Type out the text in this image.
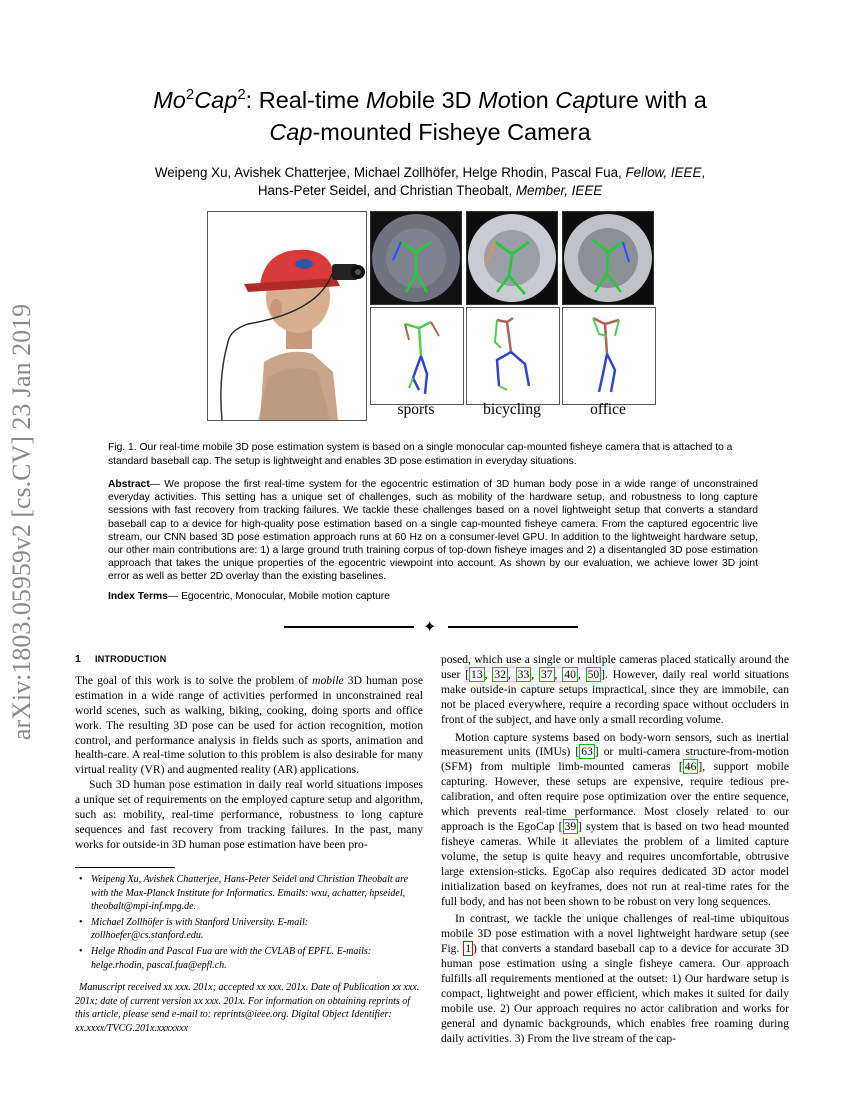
arXiv:1803.05959v2 [cs.CV] 23 Jan 2019
Mo$^2$Cap$^2$: Real-time Mobile 3D Motion Capture with a
Cap-mounted Fisheye Camera
Weipeng Xu, Avishek Chatterjee, Michael Zollhöfer, Helge Rhodin, Pascal Fua, Fellow, IEEE,
Hans-Peter Seidel, and Christian Theobalt, Member, IEEE
sports	bicycling	office
Fig. 1. Our real-time mobile 3D pose estimation system is based on a single monocular cap-mounted fisheye camera that is attached to a standard baseball cap. The setup is lightweight and enables 3D pose estimation in everyday situations.
Abstract— We propose the first real-time system for the egocentric estimation of 3D human body pose in a wide range of unconstrained everyday activities. This setting has a unique set of challenges, such as mobility of the hardware setup, and robustness to long capture sessions with fast recovery from tracking failures. We tackle these challenges based on a novel lightweight setup that converts a standard baseball cap to a device for high-quality pose estimation based on a single cap-mounted fisheye camera. From the captured egocentric live stream, our CNN based 3D pose estimation approach runs at 60 Hz on a consumer-level GPU. In addition to the lightweight hardware setup, our other main contributions are: 1) a large ground truth training corpus of top-down fisheye images and 2) a disentangled 3D pose estimation approach that takes the unique properties of the egocentric viewpoint into account. As shown by our evaluation, we achieve lower 3D joint error as well as better 2D overlay than the existing baselines.
Index Terms— Egocentric, Monocular, Mobile motion capture
✦
1 INTRODUCTION

The goal of this work is to solve the problem of mobile 3D human pose estimation in a wide range of activities performed in unconstrained real world scenes, such as walking, biking, cooking, doing sports and office work. The resulting 3D pose can be used for action recognition, motion control, and performance analysis in fields such as sports, animation and health-care. A real-time solution to this problem is also desirable for many virtual reality (VR) and augmented reality (AR) applications.

Such 3D human pose estimation in daily real world situations imposes a unique set of requirements on the employed capture setup and algorithm, such as: mobility, real-time performance, robustness to long capture sequences and fast recovery from tracking failures. In the past, many works for outside-in 3D human pose estimation have been pro-

• Weipeng Xu, Avishek Chatterjee, Hans-Peter Seidel and Christian Theobalt are with the Max-Planck Institute for Informatics. Emails: wxu, achatter, hpseidel, theobalt@mpi-inf.mpg.de.
• Michael Zollhöfer is with Stanford University. E-mail: zollhoefer@cs.stanford.edu.
• Helge Rhodin and Pascal Fua are with the CVLAB of EPFL. E-mails: helge.rhodin, pascal.fua@epfl.ch.

Manuscript received xx xxx. 201x; accepted xx xxx. 201x. Date of Publication xx xxx. 201x; date of current version xx xxx. 201x. For information on obtaining reprints of this article, please send e-mail to: reprints@ieee.org. Digital Object Identifier: xx.xxxx/TVCG.201x.xxxxxxx

posed, which use a single or multiple cameras placed statically around the user [ 13 , 32 , 33 , 37 , 40 , 50 ]. However, daily real world situations make outside-in capture setups impractical, since they are immobile, can not be placed everywhere, require a recording space without occluders in front of the subject, and have only a small recording volume.

Motion capture systems based on body-worn sensors, such as inertial measurement units (IMUs) [ 63 ] or multi-camera structure-from-motion (SFM) from multiple limb-mounted cameras [ 46 ], support mobile capturing. However, these setups are expensive, require tedious pre-calibration, and often require pose optimization over the entire sequence, which prevents real-time performance. Most closely related to our approach is the EgoCap [ 39 ] system that is based on two head mounted fisheye cameras. While it alleviates the problem of a limited capture volume, the setup is quite heavy and requires uncomfortable, obtrusive large extension-sticks. EgoCap also requires dedicated 3D actor model initialization based on keyframes, does not run at real-time rates for the full body, and has not been shown to be robust on very long sequences.

In contrast, we tackle the unique challenges of real-time ubiquitous mobile 3D pose estimation with a novel lightweight hardware setup (see Fig. 1 ) that converts a standard baseball cap to a device for accurate 3D human pose estimation using a single fisheye camera. Our approach fulfills all requirements mentioned at the outset: 1) Our hardware setup is compact, lightweight and power efficient, which makes it suited for daily mobile use. 2) Our approach requires no actor calibration and works for general and dynamic backgrounds, which enables free roaming during daily activities. 3) From the live stream of the cap-
